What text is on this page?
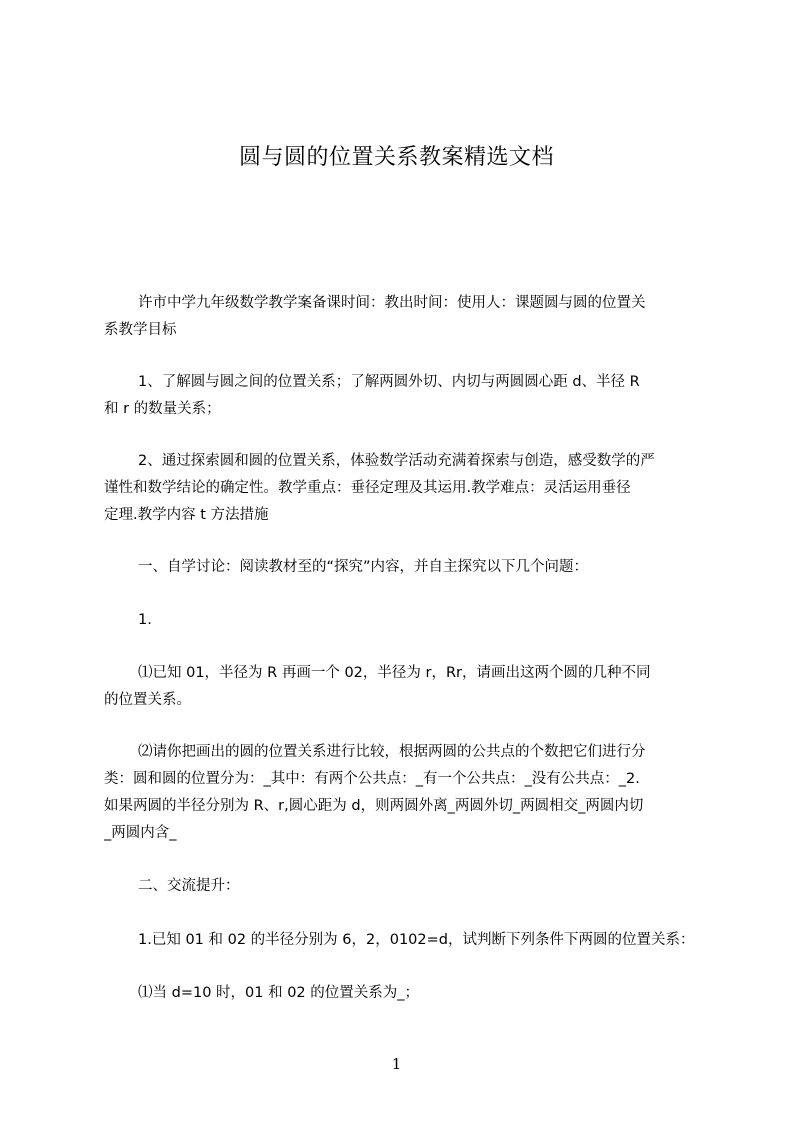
圆与圆的位置关系教案精选文档
许市中学九年级数学教学案备课时间：教出时间：使用人：课题圆与圆的位置关
系教学目标
1、了解圆与圆之间的位置关系；了解两圆外切、内切与两圆圆心距 d、半径 R
和 r 的数量关系；
2、通过探索圆和圆的位置关系，体验数学活动充满着探索与创造，感受数学的严
谨性和数学结论的确定性。教学重点：垂径定理及其运用.教学难点：灵活运用垂径
定理.教学内容 t 方法措施
一、自学讨论：阅读教材至的“探究”内容，并自主探究以下几个问题：
1.
⑴已知 01，半径为 R 再画一个 02，半径为 r，Rr，请画出这两个圆的几种不同
的位置关系。
⑵请你把画出的圆的位置关系进行比较，根据两圆的公共点的个数把它们进行分
类：圆和圆的位置分为：_其中：有两个公共点：_有一个公共点：_没有公共点：_2.
如果两圆的半径分别为 R、r,圆心距为 d，则两圆外离_两圆外切_两圆相交_两圆内切
_两圆内含_
二、交流提升：
1.已知 01 和 02 的半径分别为 6，2，0102=d，试判断下列条件下两圆的位置关系：
⑴当 d=10 时，01 和 02 的位置关系为_；
1
